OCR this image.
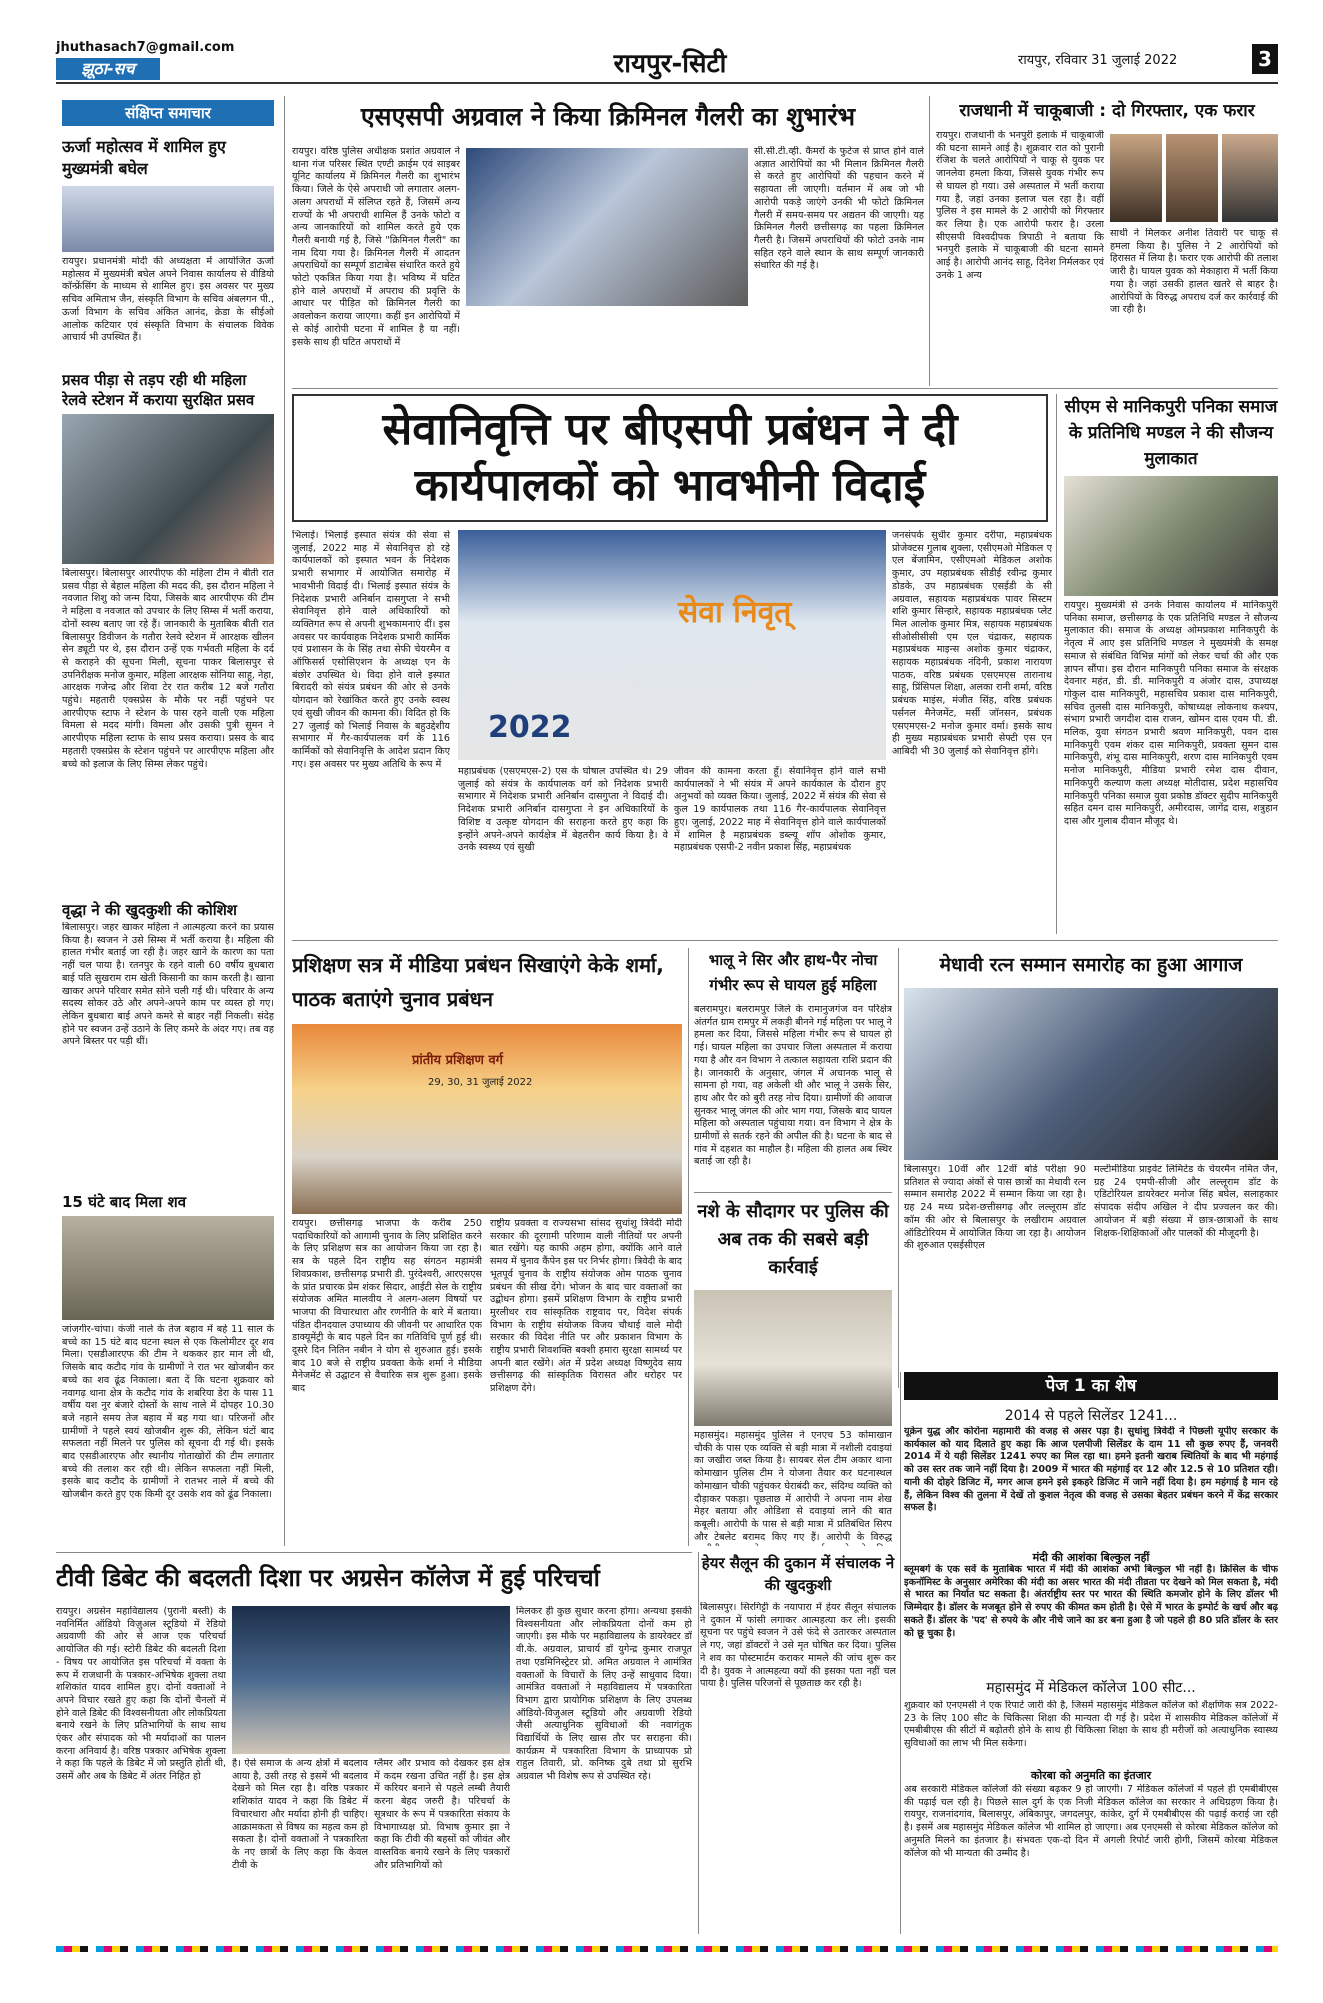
jhuthasach7@gmail.com
झूठा-सच	रायपुर-सिटी	रायपुर, रविवार 31 जुलाई 2022	3
संक्षिप्त समाचार
ऊर्जा महोत्सव में शामिल हुए मुख्यमंत्री बघेल
रायपुर। प्रधानमंत्री मोदी की अध्यक्षता में आयोजित ऊर्जा महोत्सव में मुख्यमंत्री बघेल अपने निवास कार्यालय से वीडियो कॉन्फ्रेंसिंग के माध्यम से शामिल हुए। इस अवसर पर मुख्य सचिव अमिताभ जैन, संस्कृति विभाग के सचिव अंबलगन पी., ऊर्जा विभाग के सचिव अंकित आनंद, क्रेडा के सीईओ आलोक कटियार एवं संस्कृति विभाग के संचालक विवेक आचार्य भी उपस्थित हैं।
प्रसव पीड़ा से तड़प रही थी महिला रेलवे स्टेशन में कराया सुरक्षित प्रसव
बिलासपुर। बिलासपुर आरपीएफ की महिला टीम ने बीती रात प्रसव पीड़ा से बेहाल महिला की मदद की, इस दौरान महिला ने नवजात शिशु को जन्म दिया, जिसके बाद आरपीएफ की टीम ने महिला व नवजात को उपचार के लिए सिम्स में भर्ती कराया, दोनों स्वस्थ बताए जा रहे हैं। जानकारी के मुताबिक बीती रात बिलासपुर डिवीजन के गतौरा रेलवे स्टेशन में आरक्षक खीलन सेन ड्यूटी पर थे, इस दौरान उन्हें एक गर्भवती महिला के दर्द से कराहने की सूचना मिली, सूचना पाकर बिलासपुर से उपनिरीक्षक मनोज कुमार, महिला आरक्षक सोनिया साहू, नेहा, आरक्षक गजेन्द्र और शिवा टेर रात करीब 12 बजे गतौरा पहुंचे। महतारी एक्सप्रेस के मौके पर नहीं पहुंचने पर आरपीएफ स्टाफ ने स्टेशन के पास रहने वाली एक महिला विमला से मदद मांगी। विमला और उसकी पुत्री सुमन ने आरपीएफ महिला स्टाफ के साथ प्रसव कराया। प्रसव के बाद महतारी एक्सप्रेस के स्टेशन पहुंचने पर आरपीएफ महिला और बच्चे को इलाज के लिए सिम्स लेकर पहुंचे।
वृद्धा ने की खुदकुशी की कोशिश
बिलासपुर। जहर खाकर महिला ने आत्महत्या करने का प्रयास किया है। स्वजन ने उसे सिम्स में भर्ती कराया है। महिला की हालत गंभीर बताई जा रही है। जहर खाने के कारण का पता नहीं चल पाया है। रतनपुर के रहने वाली 60 वर्षीय बुधबारा बाई पति सुखराम राम खेती किसानी का काम करती है। खाना खाकर अपने परिवार समेत सोने चली गई थी। परिवार के अन्य सदस्य सोकर उठे और अपने-अपने काम पर व्यस्त हो गए। लेकिन बुधबारा बाई अपने कमरे से बाहर नहीं निकली। संदेह होने पर स्वजन उन्हें उठाने के लिए कमरे के अंदर गए। तब वह अपने बिस्तर पर पड़ी थीं।
15 घंटे बाद मिला शव
जांजगीर-चांपा। कंजी नाले के तेज बहाव में बहे 11 साल के बच्चे का 15 घंटे बाद घटना स्थल से एक किलोमीटर दूर शव मिला। एसडीआरएफ की टीम ने थककर हार मान ली थी, जिसके बाद कटौद गांव के ग्रामीणों ने रात भर खोजबीन कर बच्चे का शव ढूंढ निकाला। बता दें कि घटना शुक्रवार को नवागढ़ थाना क्षेत्र के कटौद गांव के शबरिया डेरा के पास 11 वर्षीय यश नुर बंजारे दोस्तों के साथ नाले में दोपहर 10.30 बजे नहाने समय तेज बहाव में बह गया था। परिजनों और ग्रामीणों ने पहले स्वयं खोजबीन शुरू की, लेकिन घंटों बाद सफलता नहीं मिलने पर पुलिस को सूचना दी गई थी। इसके बाद एसडीआरएफ और स्थानीय गोताखोरों की टीम लगातार बच्चे की तलाश कर रही थी। लेकिन सफलता नहीं मिली, इसके बाद कटौद के ग्रामीणों ने रातभर नाले में बच्चे की खोजबीन करते हुए एक किमी दूर उसके शव को ढूंढ निकाला।
एसएसपी अग्रवाल ने किया क्रिमिनल गैलरी का शुभारंभ
रायपुर। वरिष्ठ पुलिस अधीक्षक प्रशांत अग्रवाल ने थाना गंज परिसर स्थित एण्टी क्राईम एवं साइबर यूनिट कार्यालय में क्रिमिनल गैलरी का शुभारंभ किया। जिले के ऐसे अपराधी जो लगातार अलग-अलग अपराधों में संलिप्त रहते हैं, जिसमें अन्य राज्यों के भी अपराधी शामिल हैं उनके फोटो व अन्य जानकारियों को शामिल करते हुये एक गैलरी बनायी गई है, जिसे "क्रिमिनल गैलरी" का नाम दिया गया है। क्रिमिनल गैलरी में आदतन अपराधियों का सम्पूर्ण डाटाबेस संधारित करते हुये फोटो एकत्रित किया गया है। भविष्य में घटित होने वाले अपराधों में अपराध की प्रवृत्ति के आधार पर पीड़ित को क्रिमिनल गैलरी का अवलोकन कराया जाएगा। कहीं इन आरोपियों में से कोई आरोपी घटना में शामिल है या नहीं। इसके साथ ही घटित अपराधों में
सी.सी.टी.व्ही. कैमरों के फुटेज से प्राप्त होने वाले अज्ञात आरोपियों का भी मिलान क्रिमिनल गैलरी से करते हुए आरोपियों की पहचान करने में सहायता ली जाएगी। वर्तमान में अब जो भी आरोपी पकड़े जाएंगे उनकी भी फोटो क्रिमिनल गैलरी में समय-समय पर अद्यतन की जाएगी। यह क्रिमिनल गैलरी छत्तीसगढ़ का पहला क्रिमिनल गैलरी है। जिसमें अपराधियों की फोटो उनके नाम सहित रहने वाले स्थान के साथ सम्पूर्ण जानकारी संधारित की गई है।
राजधानी में चाकूबाजी : दो गिरफ्तार, एक फरार
रायपुर। राजधानी के भनपुरी इलाके में चाकूबाजी की घटना सामने आई है। शुक्रवार रात को पुरानी रंजिश के चलते आरोपियों ने चाकू से युवक पर जानलेवा हमला किया, जिससे युवक गंभीर रूप से घायल हो गया। उसे अस्पताल में भर्ती कराया गया है, जहां उनका इलाज चल रहा है। वहीं पुलिस ने इस मामले के 2 आरोपी को गिरफ्तार कर लिया है। एक आरोपी फरार है। उरला सीएसपी विश्वदीपक त्रिपाठी ने बताया कि भनपुरी इलाके में चाकूबाजी की घटना सामने आई है। आरोपी आनंद साहू, दिनेश निर्मलकर एवं उनके 1 अन्य
साथी ने मिलकर अनीश तिवारी पर चाकू से हमला किया है। पुलिस ने 2 आरोपियों को हिरासत में लिया है। फरार एक आरोपी की तलाश जारी है। घायल युवक को मेकाहारा में भर्ती किया गया है। जहां उसकी हालत खतरे से बाहर है। आरोपियों के विरुद्ध अपराध दर्ज कर कार्रवाई की जा रही है।
सेवानिवृत्ति पर बीएसपी प्रबंधन ने दी कार्यपालकों को भावभीनी विदाई
भिलाई। भिलाई इस्पात संयंत्र की सेवा से जुलाई, 2022 माह में सेवानिवृत्त हो रहे कार्यपालकों को इस्पात भवन के निदेशक प्रभारी सभागार में आयोजित समारोह में भावभीनी विदाई दी। भिलाई इस्पात संयंत्र के निदेशक प्रभारी अनिर्बान दासगुप्ता ने सभी सेवानिवृत्त होने वाले अधिकारियों को व्यक्तिगत रूप से अपनी शुभकामनाएं दीं। इस अवसर पर कार्यवाहक निदेशक प्रभारी कार्मिक एवं प्रशासन के के सिंह तथा सेफी चेयरमैन व ऑफिसर्स एसोसिएशन के अध्यक्ष एन के बंछोर उपस्थित थे। विदा होने वाले इस्पात बिरादरी को संयंत्र प्रबंधन की ओर से उनके योगदान को रेखांकित करते हुए उनके स्वस्थ एवं सुखी जीवन की कामना की। विदित हो कि 27 जुलाई को भिलाई निवास के बहुउद्देशीय सभागार में गैर-कार्यपालक वर्ग के 116 कार्मिकों को सेवानिवृत्ति के आदेश प्रदान किए गए। इस अवसर पर मुख्य अतिथि के रूप में
सेवा निवृत्
2022
महाप्रबंधक (एसएमएस-2) एस के घोषाल उपस्थित थे। 29 जुलाई को संयंत्र के कार्यपालक वर्ग को निदेशक प्रभारी सभागार में निदेशक प्रभारी अनिर्बान दासगुप्ता ने विदाई दी। निदेशक प्रभारी अनिर्बान दासगुप्ता ने इन अधिकारियों के विशिष्ट व उत्कृष्ट योगदान की सराहना करते हुए कहा कि इन्होंने अपने-अपने कार्यक्षेत्र में बेहतरीन कार्य किया है। वे उनके स्वस्थ्य एवं सुखी
जीवन की कामना करता हूँ। सेवानिवृत्त होने वाले सभी कार्यपालकों ने भी संयंत्र में अपने कार्यकाल के दौरान हुए अनुभवों को व्यक्त किया। जुलाई, 2022 में संयंत्र की सेवा से कुल 19 कार्यपालक तथा 116 गैर-कार्यपालक सेवानिवृत्त हुए। जुलाई, 2022 माह में सेवानिवृत्त होने वाले कार्यपालकों में शामिल है महाप्रबंधक डब्ल्यू शॉप ओशोक कुमार, महाप्रबंधक एसपी-2 नवीन प्रकाश सिंह, महाप्रबंधक
जनसंपर्क सुधीर कुमार दरीपा, महाप्रबंधक प्रोजेक्टस गुलाब शुक्ला, एसीएमओ मेडिकल ए एल बेंजामिन, एसीएमओ मेडिकल अशोक कुमार, उप महाप्रबंधक सीडीई रवीन्द्र कुमार डोडके, उप महाप्रबंधक एसईडी के सी अग्रवाल, सहायक महाप्रबंधक पावर सिस्टम शशि कुमार सिन्हारे, सहायक महाप्रबंधक प्लेट मिल आलोक कुमार मित्र, सहायक महाप्रबंधक सीओसीसीसी एम एल चंद्राकर, सहायक महाप्रबंधक माइन्स अशोक कुमार चंद्राकर, सहायक महाप्रबंधक नंदिनी, प्रकाश नारायण पाठक, वरिष्ठ प्रबंधक एसएमएस तारानाथ साहू, प्रिंसिपल शिक्षा, अलका रानी शर्मा, वरिष्ठ प्रबंधक माइंस, मंजीत सिंह, वरिष्ठ प्रबंधक पर्सनल मैनेजमेंट, मर्सी जॉनसन, प्रबंधक एसएमएस-2 मनोज कुमार वर्मा। इसके साथ ही मुख्य महाप्रबंधक प्रभारी सेफ्टी एस एन आबिदी भी 30 जुलाई को सेवानिवृत्त होंगे।
सीएम से मानिकपुरी पनिका समाज के प्रतिनिधि मण्डल ने की सौजन्य मुलाकात
रायपुर। मुख्यमंत्री से उनके निवास कार्यालय में मानिकपुरी पनिका समाज, छत्तीसगढ़ के एक प्रतिनिधि मण्डल ने सौजन्य मुलाकात की। समाज के अध्यक्ष ओमप्रकाश मानिकपुरी के नेतृत्व में आए इस प्रतिनिधि मण्डल ने मुख्यमंत्री के समक्ष समाज से संबंधित विभिन्न मांगों को लेकर चर्चा की और एक ज्ञापन सौंपा। इस दौरान मानिकपुरी पनिका समाज के संरक्षक देवनार महंत, डी. डी. मानिकपुरी व अंजोर दास, उपाध्यक्ष गोकुल दास मानिकपुरी, महासचिव प्रकाश दास मानिकपुरी, सचिव तुलसी दास मानिकपुरी, कोषाध्यक्ष लोकनाथ कश्यप, संभाग प्रभारी जगदीश दास राजन, खोमन दास एवम पी. डी. मलिक, युवा संगठन प्रभारी श्रवण मानिकपुरी, पवन दास मानिकपुरी एवम शंकर दास मानिकपुरी, प्रवक्ता सुमन दास मानिकपुरी, शंभू दास मानिकपुरी, शरण दास मानिकपुरी एवम मनोज मानिकपुरी, मीडिया प्रभारी रमेश दास दीवान, मानिकपुरी कल्याण कला अध्यक्ष मोतीदास, प्रदेश महासचिव मानिकपुरी पनिका समाज युवा प्रकोष्ठ डॉक्टर सुदीप मानिकपुरी सहित दमन दास मानिकपुरी, अमीरदास, जागेंद्र दास, शत्रुहान दास और गुलाब दीवान मौजूद थे।
प्रशिक्षण सत्र में मीडिया प्रबंधन सिखाएंगे केके शर्मा, पाठक बताएंगे चुनाव प्रबंधन
प्रांतीय प्रशिक्षण वर्ग
29, 30, 31 जुलाई 2022
रायपुर। छत्तीसगढ़ भाजपा के करीब 250 पदाधिकारियों को आगामी चुनाव के लिए प्रशिक्षित करने के लिए प्रशिक्षण सत्र का आयोजन किया जा रहा है। सत्र के पहले दिन राष्ट्रीय सह संगठन महामंत्री शिवप्रकाश, छत्तीसगढ़ प्रभारी डी. पुरंदेश्वरी, आरएसएस के प्रांत प्रचारक प्रेम शंकर सिदार, आईटी सेल के राष्ट्रीय संयोजक अमित मालवीय ने अलग-अलग विषयों पर भाजपा की विचारधारा और रणनीति के बारे में बताया। पंडित दीनदयाल उपाध्याय की जीवनी पर आधारित एक डाक्यूमेंट्री के बाद पहले दिन का गतिविधि पूर्ण हुई थी। दूसरे दिन नितिन नबीन ने योग से शुरुआत हुई। इसके बाद 10 बजे से राष्ट्रीय प्रवक्ता केके शर्मा ने मीडिया मैनेजमेंट से उद्घाटन से वैचारिक सत्र शुरू हुआ। इसके बाद
राष्ट्रीय प्रवक्ता व राज्यसभा सांसद सुधांशु त्रिवेदी मोदी सरकार की दूरगामी परिणाम वाली नीतियों पर अपनी बात रखेंगे। यह काफी अहम होगा, क्योंकि आने वाले समय में चुनाव कैंपेन इस पर निर्भर होगा। त्रिवेदी के बाद भूतपूर्व चुनाव के राष्ट्रीय संयोजक ओम पाठक चुनाव प्रबंधन की सीख देंगे। भोजन के बाद चार वक्ताओं का उद्बोधन होगा। इसमें प्रशिक्षण विभाग के राष्ट्रीय प्रभारी मुरलीधर राव सांस्कृतिक राष्ट्रवाद पर, विदेश संपर्क विभाग के राष्ट्रीय संयोजक विजय चौथाई वाले मोदी सरकार की विदेश नीति पर और प्रकाशन विभाग के राष्ट्रीय प्रभारी शिवशक्ति बक्शी हमारा सुरक्षा सामर्थ्य पर अपनी बात रखेंगे। अंत में प्रदेश अध्यक्ष विष्णुदेव साय छत्तीसगढ़ की सांस्कृतिक विरासत और धरोहर पर प्रशिक्षण देंगे।
भालू ने सिर और हाथ-पैर नोचा गंभीर रूप से घायल हुई महिला
बलरामपुर। बलरामपुर जिले के रामानुजगंज वन परिक्षेत्र अंतर्गत ग्राम रामपुर में लकड़ी बीनने गई महिला पर भालू ने हमला कर दिया, जिससे महिला गंभीर रूप से घायल हो गई। घायल महिला का उपचार जिला अस्पताल में कराया गया है और वन विभाग ने तत्काल सहायता राशि प्रदान की है। जानकारी के अनुसार, जंगल में अचानक भालू से सामना हो गया, वह अकेली थी और भालू ने उसके सिर, हाथ और पैर को बुरी तरह नोच दिया। ग्रामीणों की आवाज सुनकर भालू जंगल की ओर भाग गया, जिसके बाद घायल महिला को अस्पताल पहुंचाया गया। वन विभाग ने क्षेत्र के ग्रामीणों से सतर्क रहने की अपील की है। घटना के बाद से गांव में दहशत का माहौल है। महिला की हालत अब स्थिर बताई जा रही है।
नशे के सौदागर पर पुलिस की अब तक की सबसे बड़ी कार्रवाई
महासमुंद। महासमुंद पुलिस ने एनएच 53 कोमाखान चौकी के पास एक व्यक्ति से बड़ी मात्रा में नशीली दवाइयां का जखीरा जब्त किया है। सायबर सेल टीम अकार थाना कोमाखान पुलिस टीम ने योजना तैयार कर घटनास्थल कोमाखान चौकी पहुंचकर घेराबंदी कर, संदिग्ध व्यक्ति को दौड़ाकर पकड़ा। पूछताछ में आरोपी ने अपना नाम शेख मेहर बताया और ओडिशा से दवाइयां लाने की बात कबूली। आरोपी के पास से बड़ी मात्रा में प्रतिबंधित सिरप और टेबलेट बरामद किए गए हैं। आरोपी के विरुद्ध
मेधावी रत्न सम्मान समारोह का हुआ आगाज
बिलासपुर। 10वीं और 12वीं बोर्ड परीक्षा 90 प्रतिशत से ज्यादा अंकों से पास छात्रों का मेधावी रत्न सम्मान समारोह 2022 में सम्मान किया जा रहा है। ग्रह 24 मध्य प्रदेश-छत्तीसगढ़ और लल्लूराम डॉट कॉम की ओर से बिलासपुर के लखीराम अग्रवाल ऑडिटोरियम में आयोजित किया जा रहा है। आयोजन की शुरुआत एसईसीएल
मल्टीमीडिया प्राइवेट लिमिटेड के चेयरमैन नमित जैन, ग्रह 24 एमपी-सीजी और लल्लूराम डॉट के एडिटोरियल डायरेक्टर मनोज सिंह बघेल, सलाहकार संपादक संदीप अखिल ने दीप प्रज्वलन कर की। आयोजन में बड़ी संख्या में छात्र-छात्राओं के साथ शिक्षक-शिक्षिकाओं और पालकों की मौजूदगी है।
पेज 1 का शेष
2014 से पहले सिलेंडर 1241...
यूक्रेन युद्ध और कोरोना महामारी की वजह से असर पड़ा है। सुधांशु त्रिवेदी ने पिछली यूपीए सरकार के कार्यकाल को याद दिलाते हुए कहा कि आज एलपीजी सिलेंडर के दाम 11 सौ कुछ रुपए हैं, जनवरी 2014 में ये यही सिलेंडर 1241 रुपए का मिल रहा था। हमने इतनी खराब स्थितियों के बाद भी महंगाई को उस स्तर तक जाने नहीं दिया है। 2009 में भारत की महंगाई दर 12 और 12.5 से 10 प्रतिशत रही। यानी की दोहरे डिजिट में, मगर आज हमने इसे इकहरे डिजिट में जाने नहीं दिया है। हम महंगाई है मान रहे हैं, लेकिन विश्व की तुलना में देखें तो कुशल नेतृत्व की वजह से उसका बेहतर प्रबंधन करने में केंद्र सरकार सफल है।
मंदी की आशंका बिल्कुल नहीं
ब्लूमबर्ग के एक सर्वे के मुताबिक भारत में मंदी की आशंका अभी बिल्कुल भी नहीं है। क्रिसिल के चीफ इकनॉमिस्ट के अनुसार अमेरिका की मंदी का असर भारत की मंदी तीव्रता पर देखने को मिल सकता है, मंदी से भारत का निर्यात घट सकता है। अंतर्राष्ट्रीय स्तर पर भारत की स्थिति कमजोर होने के लिए डॉलर भी जिम्मेदार है। डॉलर के मजबूत होने से रुपए की कीमत कम होती है। ऐसे में भारत के इम्पोर्ट के खर्च और बढ़ सकते हैं। डॉलर के 'पद' से रुपये के और नीचे जाने का डर बना हुआ है जो पहले ही 80 प्रति डॉलर के स्तर को छू चुका है।
महासमुंद में मेडिकल कॉलेज 100 सीट...
शुक्रवार को एनएमसी ने एक रिपार्ट जारी की है, जिसमें महासमुंद मेडिकल कॉलेज को शैक्षणिक सत्र 2022-23 के लिए 100 सीट के चिकित्सा शिक्षा की मान्यता दी गई है। प्रदेश में शासकीय मेडिकल कॉलेजों में एमबीबीएस की सीटों में बढ़ोतरी होने के साथ ही चिकित्सा शिक्षा के साथ ही मरीजों को अत्याधुनिक स्वास्थ्य सुविधाओं का लाभ भी मिल सकेगा।
कोरबा को अनुमति का इंतजार
अब सरकारी मेडिकल कॉलेजों की संख्या बढ़कर 9 हो जाएगी। 7 मेडिकल कॉलेजों में पहले ही एमबीबीएस की पढ़ाई चल रही है। पिछले साल दुर्ग के एक निजी मेडिकल कॉलेज का सरकार ने अधिग्रहण किया है। रायपुर, राजनांदगांव, बिलासपुर, अंबिकापुर, जगदलपुर, कांकेर, दुर्ग में एमबीबीएस की पढ़ाई कराई जा रही है। इसमें अब महासमुंद मेडिकल कॉलेज भी शामिल हो जाएगा। अब एनएमसी से कोरबा मेडिकल कॉलेज को अनुमति मिलने का इंतजार है। संभवतः एक-दो दिन में अगली रिपोर्ट जारी होगी, जिसमें कोरबा मेडिकल कॉलेज को भी मान्यता की उम्मीद है।
टीवी डिबेट की बदलती दिशा पर अग्रसेन कॉलेज में हुई परिचर्चा
रायपुर। अग्रसेन महाविद्यालय (पुरानी बस्ती) के नवनिर्मित ऑडियो विज़ुअल स्टूडियो में रेडियो अग्रवाणी की ओर से आज एक परिचर्चा आयोजित की गई। स्टोरी डिबेट की बदलती दिशा - विषय पर आयोजित इस परिचर्चा में वक्ता के रूप में राजधानी के पत्रकार-अभिषेक शुक्ला तथा शशिकांत यादव शामिल हुए। दोनों वक्ताओं ने अपने विचार रखते हुए कहा कि दोनों चैनलों में होने वाले डिबेट की विश्वसनीयता और लोकप्रियता बनाये रखने के लिए प्रतिभागियों के साथ साथ एंकर और संपादक को भी मर्यादाओं का पालन करना अनिवार्य है। वरिष्ठ पत्रकार अभिषेक शुक्ला ने कहा कि पहले के डिबेट में जो प्रस्तुति होती थी, उसमें और अब के डिबेट में अंतर निहित हो
है। ऐसे समाज के अन्य क्षेत्रों में बदलाव आया है, उसी तरह से इसमें भी बदलाव देखने को मिल रहा है। वरिष्ठ पत्रकार शशिकांत यादव ने कहा कि डिबेट में विचारधारा और मर्यादा होनी ही चाहिए। आक्रामकता से विषय का महत्व कम हो सकता है। दोनों वक्ताओं ने पत्रकारिता के नए छात्रों के लिए कहा कि केवल टीवी के
ग्लैमर और प्रभाव को देखकर इस क्षेत्र में कदम रखना उचित नहीं है। इस क्षेत्र में करियर बनाने से पहले लम्बी तैयारी करना बेहद जरुरी है। परिचर्चा के सूत्रधार के रूप में पत्रकारिता संकाय के विभागाध्यक्ष प्रो. विभाष कुमार झा ने कहा कि टीवी की बहसों को जीवंत और वास्तविक बनाये रखने के लिए पत्रकारों और प्रतिभागियों को
मिलकर ही कुछ सुधार करना होगा। अन्यथा इसकी विश्वसनीयता और लोकप्रियता दोनों कम हो जाएगी। इस मौके पर महाविद्यालय के डायरेक्टर डॉ वी.के. अग्रवाल, प्राचार्य डॉ युगेन्द्र कुमार राजपूत तथा एडमिनिस्ट्रेटर प्रो. अमित अग्रवाल ने आमंत्रित वक्ताओं के विचारों के लिए उन्हें साधुवाद दिया। आमंत्रित वक्ताओं ने महाविद्यालय में पत्रकारिता विभाग द्वारा प्रायोगिक प्रशिक्षण के लिए उपलब्ध ऑडियो-विजुअल स्टूडियो और अग्रवाणी रेडियो जैसी अत्याधुनिक सुविधाओं की नवागंतुक विद्यार्थियों के लिए खास तौर पर सराहना की। कार्यक्रम में पत्रकारिता विभाग के प्राध्यापक प्रो राहुल तिवारी, प्रो. कनिष्क दुबे तथा प्रो सुरभि अग्रवाल भी विशेष रूप से उपस्थित रहे।
हेयर सैलून की दुकान में संचालक ने की खुदकुशी
बिलासपुर। सिरगिट्टी के नयापारा में हेयर सैलून संचालक ने दुकान में फांसी लगाकर आत्महत्या कर ली। इसकी सूचना पर पहुंचे स्वजन ने उसे फंदे से उतारकर अस्पताल ले गए, जहां डॉक्टरों ने उसे मृत घोषित कर दिया। पुलिस ने शव का पोस्टमार्टम कराकर मामले की जांच शुरू कर दी है। युवक ने आत्महत्या क्यों की इसका पता नहीं चल पाया है। पुलिस परिजनों से पूछताछ कर रही है।
